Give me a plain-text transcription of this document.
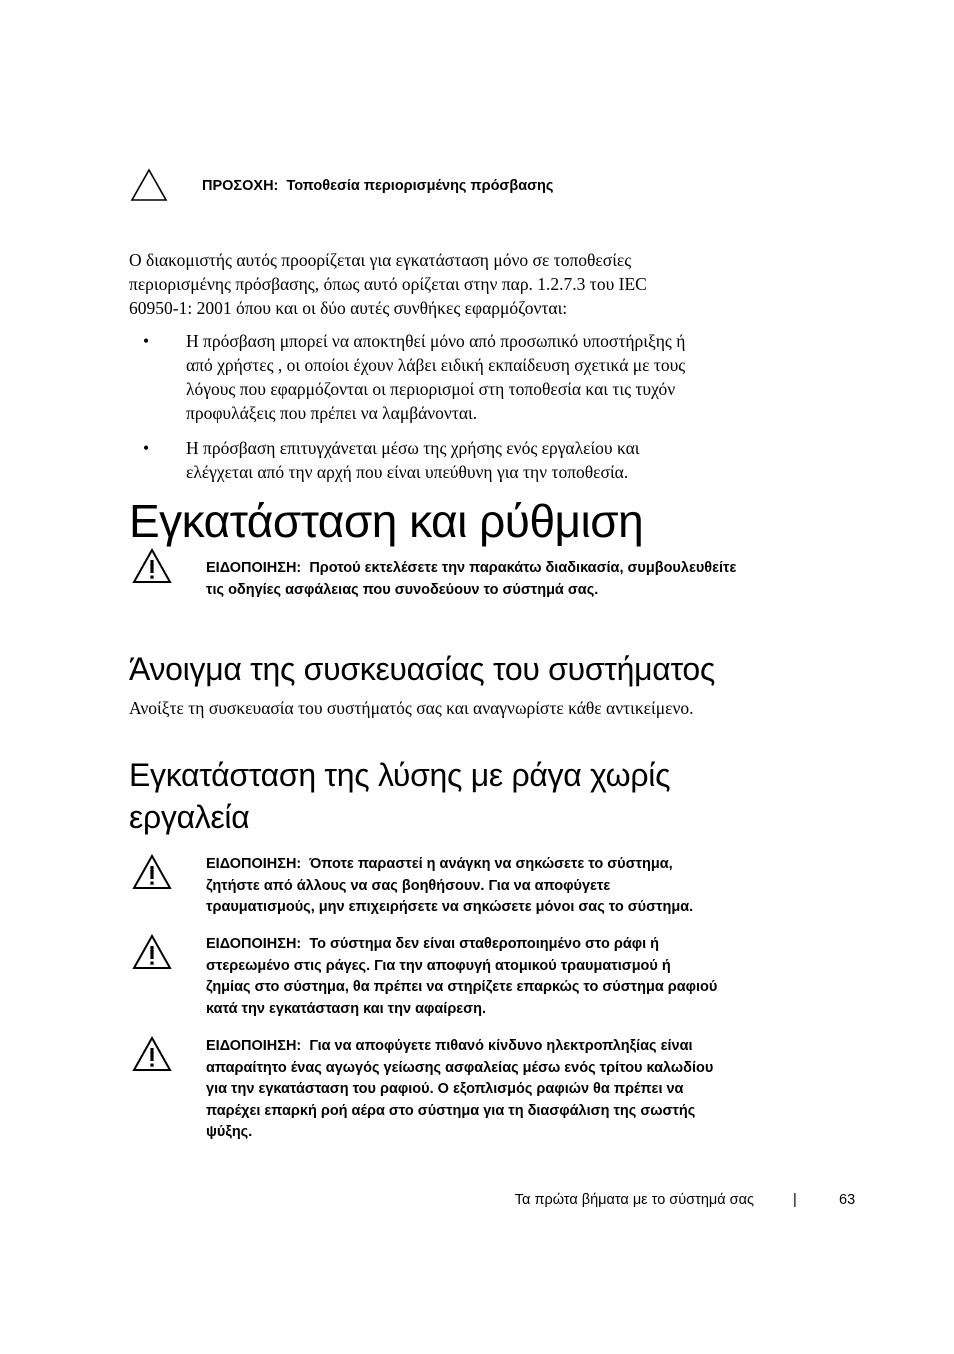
ΠΡΟΣΟΧΗ: Τοποθεσία περιορισμένης πρόσβασης
Ο διακομιστής αυτός προορίζεται για εγκατάσταση μόνο σε τοποθεσίες
περιορισμένης πρόσβασης, όπως αυτό ορίζεται στην παρ. 1.2.7.3 του IEC
60950-1: 2001 όπου και οι δύο αυτές συνθήκες εφαρμόζονται:
• Η πρόσβαση μπορεί να αποκτηθεί μόνο από προσωπικό υποστήριξης ή
από χρήστες , οι οποίοι έχουν λάβει ειδική εκπαίδευση σχετικά με τους
λόγους που εφαρμόζονται οι περιορισμοί στη τοποθεσία και τις τυχόν
προφυλάξεις που πρέπει να λαμβάνονται.
• Η πρόσβαση επιτυγχάνεται μέσω της χρήσης ενός εργαλείου και
ελέγχεται από την αρχή που είναι υπεύθυνη για την τοποθεσία.
Εγκατάσταση και ρύθμιση
ΕΙΔΟΠΟΙΗΣΗ: Προτού εκτελέσετε την παρακάτω διαδικασία, συμβουλευθείτε
τις οδηγίες ασφάλειας που συνοδεύουν το σύστημά σας.
Άνοιγμα της συσκευασίας του συστήματος
Ανοίξτε τη συσκευασία του συστήματός σας και αναγνωρίστε κάθε αντικείμενο.
Εγκατάσταση της λύσης με ράγα χωρίς
εργαλεία
ΕΙΔΟΠΟΙΗΣΗ: Όποτε παραστεί η ανάγκη να σηκώσετε το σύστημα,
ζητήστε από άλλους να σας βοηθήσουν. Για να αποφύγετε
τραυματισμούς, μην επιχειρήσετε να σηκώσετε μόνοι σας το σύστημα.
ΕΙΔΟΠΟΙΗΣΗ: Το σύστημα δεν είναι σταθεροποιημένο στο ράφι ή
στερεωμένο στις ράγες. Για την αποφυγή ατομικού τραυματισμού ή
ζημίας στο σύστημα, θα πρέπει να στηρίζετε επαρκώς το σύστημα ραφιού
κατά την εγκατάσταση και την αφαίρεση.
ΕΙΔΟΠΟΙΗΣΗ: Για να αποφύγετε πιθανό κίνδυνο ηλεκτροπληξίας είναι
απαραίτητο ένας αγωγός γείωσης ασφαλείας μέσω ενός τρίτου καλωδίου
για την εγκατάσταση του ραφιού. Ο εξοπλισμός ραφιών θα πρέπει να
παρέχει επαρκή ροή αέρα στο σύστημα για τη διασφάλιση της σωστής
ψύξης.
Τα πρώτα βήματα με το σύστημά σας	|	63
